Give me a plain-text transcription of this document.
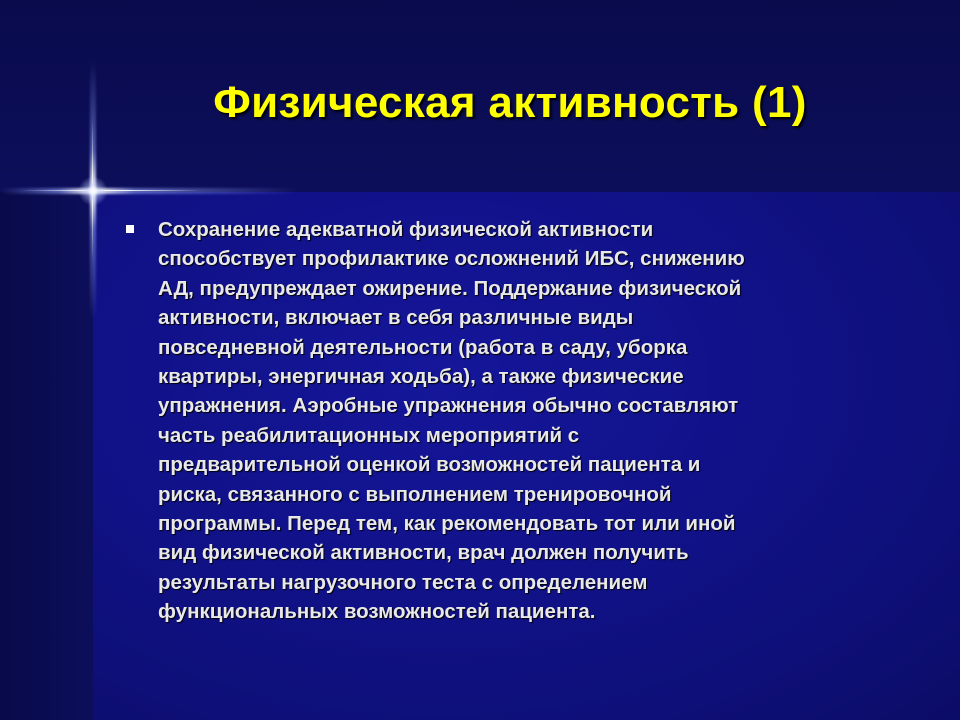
Физическая активность (1)
Сохранение адекватной физической активности
способствует профилактике осложнений ИБС, снижению
АД, предупреждает ожирение. Поддержание физической
активности, включает в себя различные виды
повседневной деятельности (работа в саду, уборка
квартиры, энергичная ходьба), а также физические
упражнения. Аэробные упражнения обычно составляют
часть реабилитационных мероприятий с
предварительной оценкой возможностей пациента и
риска, связанного с выполнением тренировочной
программы. Перед тем, как рекомендовать тот или иной
вид физической активности, врач должен получить
результаты нагрузочного теста с определением
функциональных возможностей пациента.
